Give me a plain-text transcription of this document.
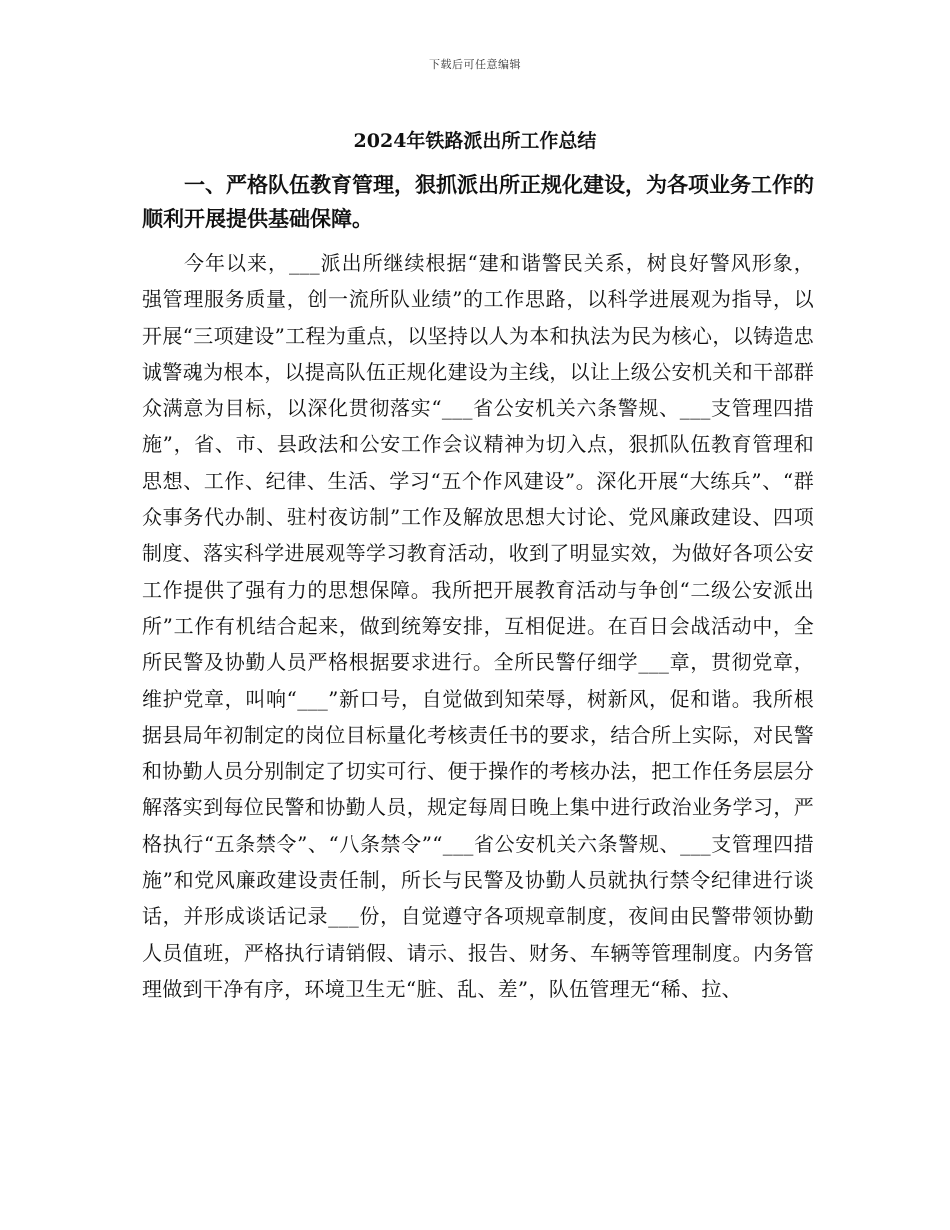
下载后可任意编辑
2024年铁路派出所工作总结

一、严格队伍教育管理，狠抓派出所正规化建设，为各项业务工作的顺利开展提供基础保障。

今年以来，___派出所继续根据“建和谐警民关系，树良好警风形象，强管理服务质量，创一流所队业绩”的工作思路，以科学进展观为指导，以开展“三项建设”工程为重点，以坚持以人为本和执法为民为核心，以铸造忠诚警魂为根本，以提高队伍正规化建设为主线，以让上级公安机关和干部群众满意为目标，以深化贯彻落实“___省公安机关六条警规、___支管理四措施”，省、市、县政法和公安工作会议精神为切入点，狠抓队伍教育管理和思想、工作、纪律、生活、学习“五个作风建设”。深化开展“大练兵”、“群众事务代办制、驻村夜访制”工作及解放思想大讨论、党风廉政建设、四项制度、落实科学进展观等学习教育活动，收到了明显实效，为做好各项公安工作提供了强有力的思想保障。我所把开展教育活动与争创“二级公安派出所”工作有机结合起来，做到统筹安排，互相促进。在百日会战活动中，全所民警及协勤人员严格根据要求进行。全所民警仔细学___章，贯彻党章，维护党章，叫响“___”新口号，自觉做到知荣辱，树新风，促和谐。我所根据县局年初制定的岗位目标量化考核责任书的要求，结合所上实际，对民警和协勤人员分别制定了切实可行、便于操作的考核办法，把工作任务层层分解落实到每位民警和协勤人员，规定每周日晚上集中进行政治业务学习，严格执行“五条禁令”、“八条禁令”“___省公安机关六条警规、___支管理四措施”和党风廉政建设责任制，所长与民警及协勤人员就执行禁令纪律进行谈话，并形成谈话记录___份，自觉遵守各项规章制度，夜间由民警带领协勤人员值班，严格执行请销假、请示、报告、财务、车辆等管理制度。内务管理做到干净有序，环境卫生无“脏、乱、差”，队伍管理无“稀、拉、
